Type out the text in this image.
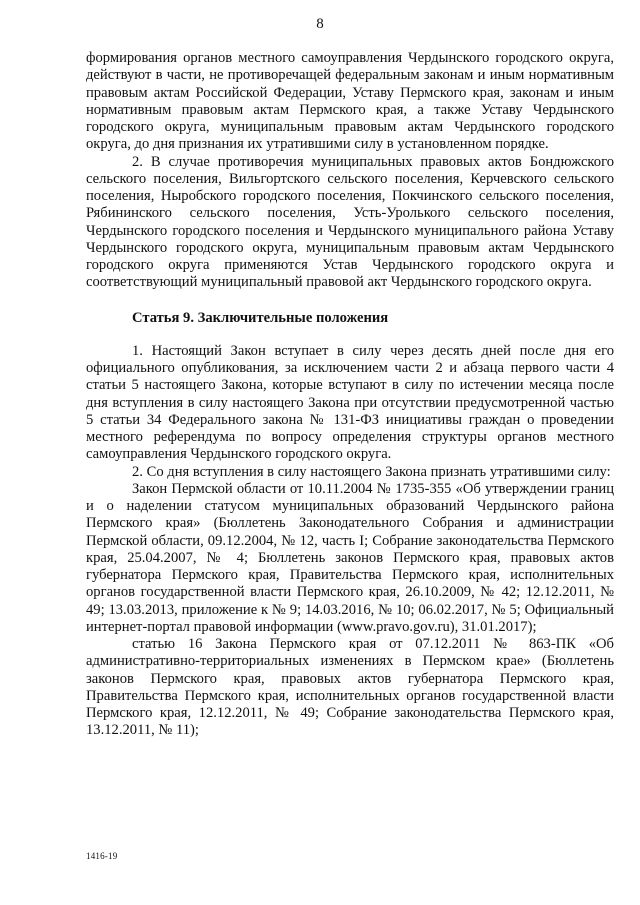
8

формирования органов местного самоуправления Чердынского городского округа, действуют в части, не противоречащей федеральным законам и иным нормативным правовым актам Российской Федерации, Уставу Пермского края, законам и иным нормативным правовым актам Пермского края, а также Уставу Чердынского городского округа, муниципальным правовым актам Чердынского городского округа, до дня признания их утратившими силу в установленном порядке.

2. В случае противоречия муниципальных правовых актов Бондюжского сельского поселения, Вильгортского сельского поселения, Керчевского сельского поселения, Ныробского городского поселения, Покчинского сельского поселения, Рябининского сельского поселения, Усть-Уролького сельского поселения, Чердынского городского поселения и Чердынского муниципального района Уставу Чердынского городского округа, муниципальным правовым актам Чердынского городского округа применяются Устав Чердынского городского округа и соответствующий муниципальный правовой акт Чердынского городского округа.

Статья 9. Заключительные положения

1. Настоящий Закон вступает в силу через десять дней после дня его официального опубликования, за исключением части 2 и абзаца первого части 4 статьи 5 настоящего Закона, которые вступают в силу по истечении месяца после дня вступления в силу настоящего Закона при отсутствии предусмотренной частью 5 статьи 34 Федерального закона № 131-ФЗ инициативы граждан о проведении местного референдума по вопросу определения структуры органов местного самоуправления Чердынского городского округа.

2. Со дня вступления в силу настоящего Закона признать утратившими силу:

Закон Пермской области от 10.11.2004 № 1735-355 «Об утверждении границ и о наделении статусом муниципальных образований Чердынского района Пермского края» (Бюллетень Законодательного Собрания и администрации Пермской области, 09.12.2004, № 12, часть I; Собрание законодательства Пермского края, 25.04.2007, № 4; Бюллетень законов Пермского края, правовых актов губернатора Пермского края, Правительства Пермского края, исполнительных органов государственной власти Пермского края, 26.10.2009, № 42; 12.12.2011, № 49; 13.03.2013, приложение к № 9; 14.03.2016, № 10; 06.02.2017, № 5; Официальный интернет-портал правовой информации (www.pravo.gov.ru), 31.01.2017);

статью 16 Закона Пермского края от 07.12.2011 № 863-ПК «Об административно-территориальных изменениях в Пермском крае» (Бюллетень законов Пермского края, правовых актов губернатора Пермского края, Правительства Пермского края, исполнительных органов государственной власти Пермского края, 12.12.2011, № 49; Собрание законодательства Пермского края, 13.12.2011, № 11);

1416-19
